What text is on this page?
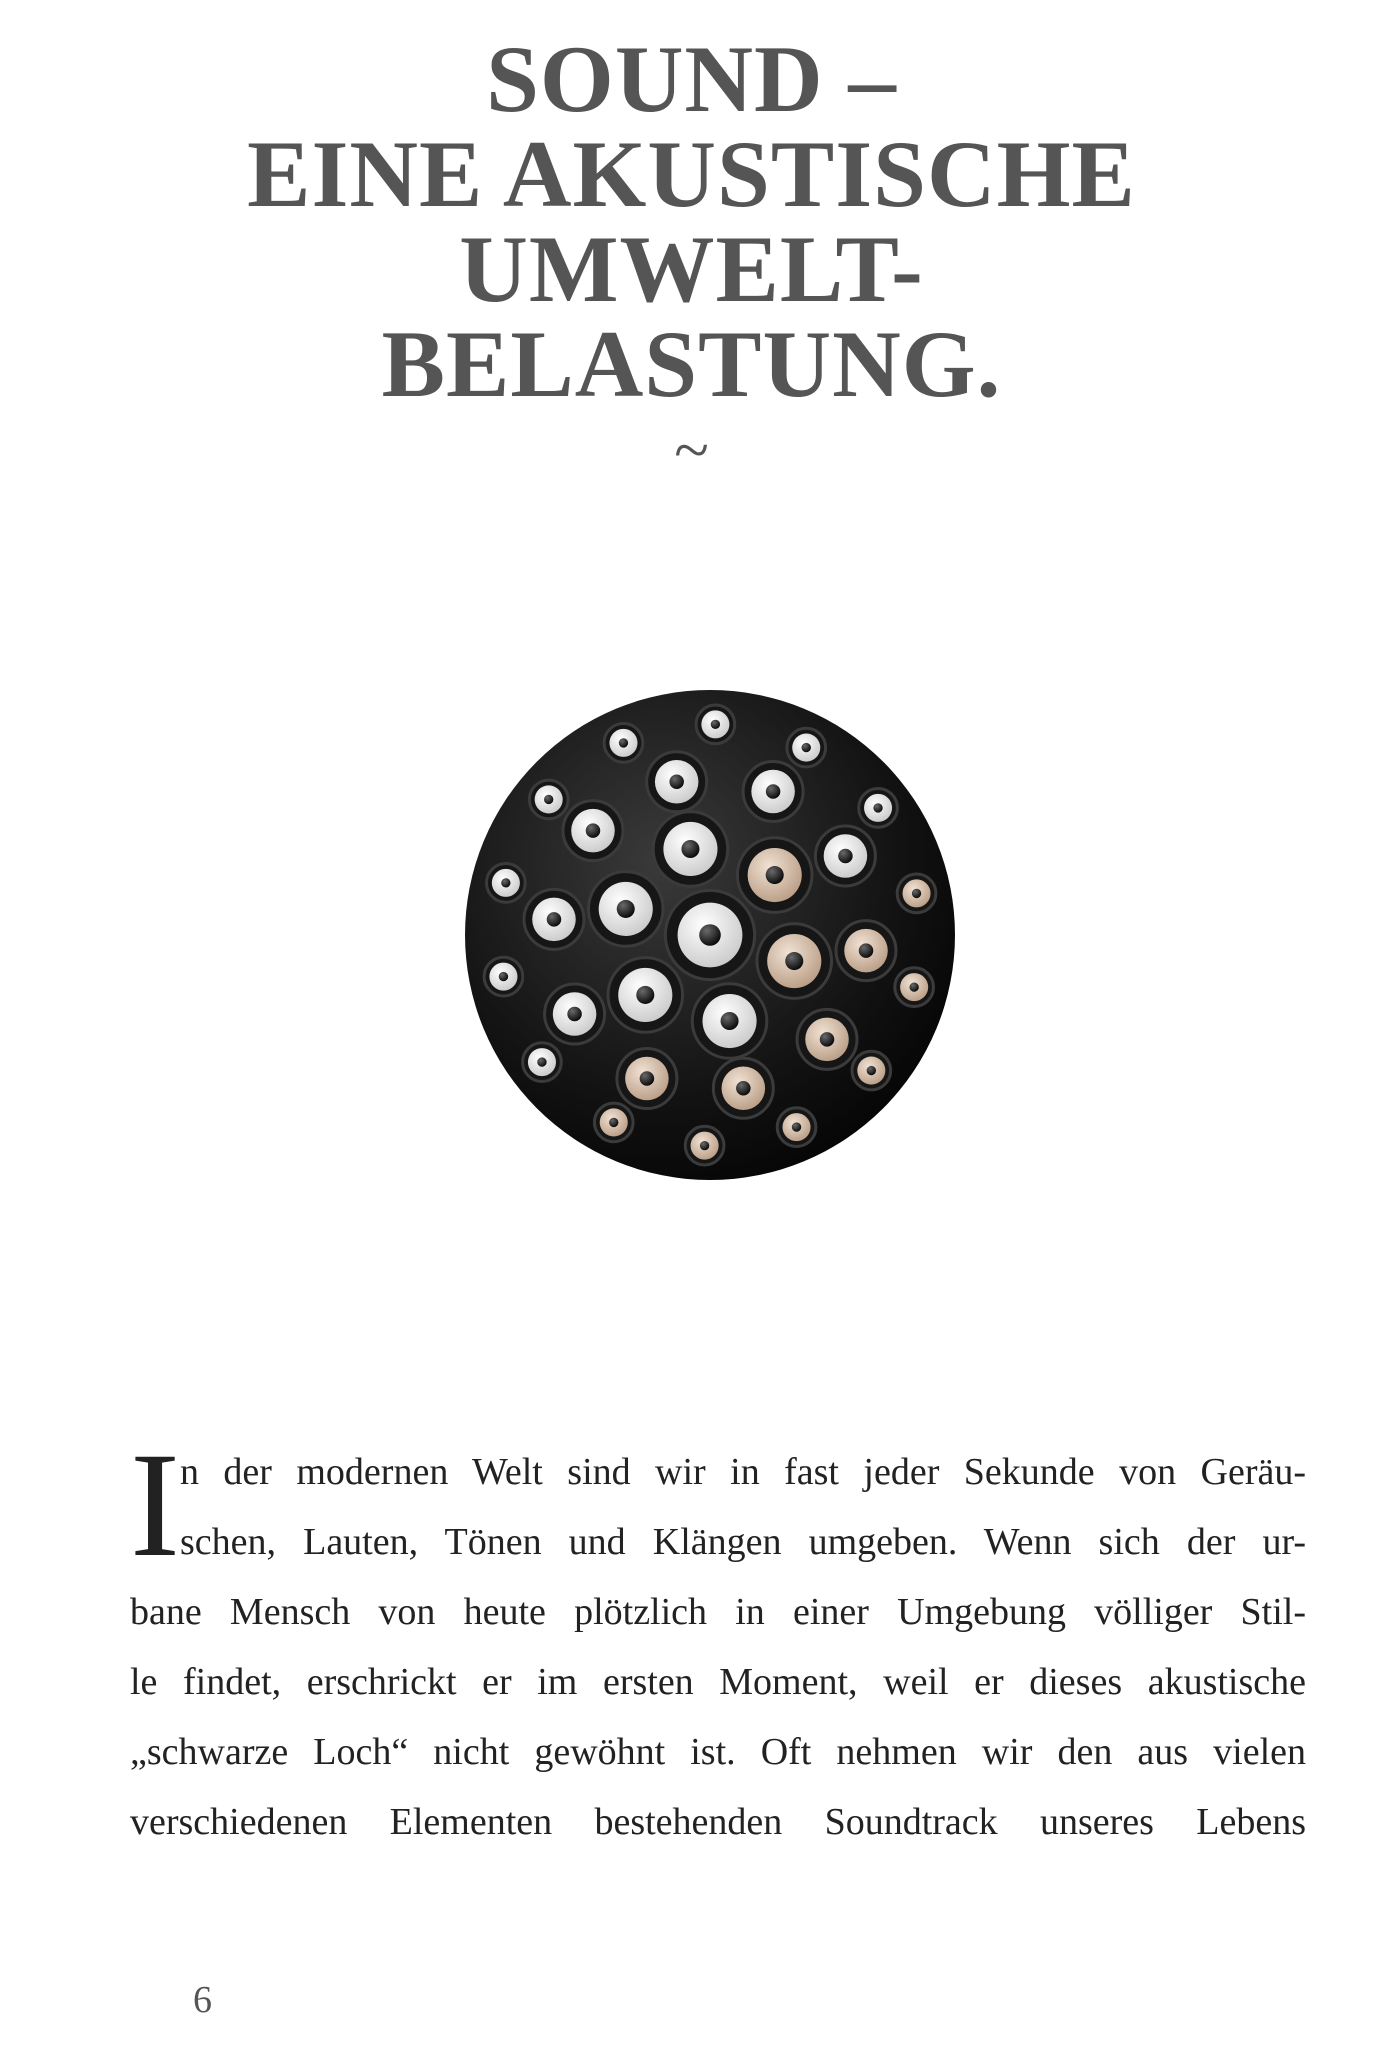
SOUND –
EINE AKUSTISCHE
UMWELT-
BELASTUNG.
~
I n der modernen Welt sind wir in fast jeder Sekunde von Geräu-
schen, Lauten, Tönen und Klängen umgeben. Wenn sich der ur-
bane Mensch von heute plötzlich in einer Umgebung völliger Stil-
le findet, erschrickt er im ersten Moment, weil er dieses akustische
„schwarze Loch“ nicht gewöhnt ist. Oft nehmen wir den aus vielen
verschiedenen Elementen bestehenden Soundtrack unseres Lebens
6
